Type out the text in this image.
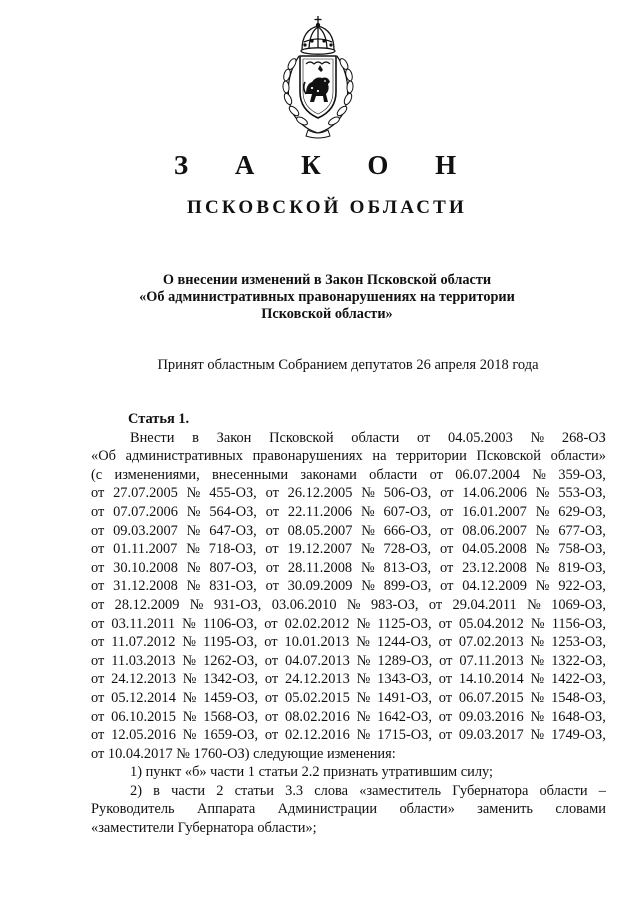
З А К О Н
ПСКОВСКОЙ ОБЛАСТИ
О внесении изменений в Закон Псковской области
«Об административных правонарушениях на территории
Псковской области»
Принят областным Собранием депутатов 26 апреля 2018 года
Статья 1.
Внести в Закон Псковской области от 04.05.2003 № 268-ОЗ
«Об административных правонарушениях на территории Псковской области»
(с изменениями, внесенными законами области от 06.07.2004 № 359-ОЗ,
от 27.07.2005 № 455-ОЗ, от 26.12.2005 № 506-ОЗ, от 14.06.2006 № 553-ОЗ,
от 07.07.2006 № 564-ОЗ, от 22.11.2006 № 607-ОЗ, от 16.01.2007 № 629-ОЗ,
от 09.03.2007 № 647-ОЗ, от 08.05.2007 № 666-ОЗ, от 08.06.2007 № 677-ОЗ,
от 01.11.2007 № 718-ОЗ, от 19.12.2007 № 728-ОЗ, от 04.05.2008 № 758-ОЗ,
от 30.10.2008 № 807-ОЗ, от 28.11.2008 № 813-ОЗ, от 23.12.2008 № 819-ОЗ,
от 31.12.2008 № 831-ОЗ, от 30.09.2009 № 899-ОЗ, от 04.12.2009 № 922-ОЗ,
от 28.12.2009 № 931-ОЗ, 03.06.2010 № 983-ОЗ, от 29.04.2011 № 1069-ОЗ,
от 03.11.2011 № 1106-ОЗ, от 02.02.2012 № 1125-ОЗ, от 05.04.2012 № 1156-ОЗ,
от 11.07.2012 № 1195-ОЗ, от 10.01.2013 № 1244-ОЗ, от 07.02.2013 № 1253-ОЗ,
от 11.03.2013 № 1262-ОЗ, от 04.07.2013 № 1289-ОЗ, от 07.11.2013 № 1322-ОЗ,
от 24.12.2013 № 1342-ОЗ, от 24.12.2013 № 1343-ОЗ, от 14.10.2014 № 1422-ОЗ,
от 05.12.2014 № 1459-ОЗ, от 05.02.2015 № 1491-ОЗ, от 06.07.2015 № 1548-ОЗ,
от 06.10.2015 № 1568-ОЗ, от 08.02.2016 № 1642-ОЗ, от 09.03.2016 № 1648-ОЗ,
от 12.05.2016 № 1659-ОЗ, от 02.12.2016 № 1715-ОЗ, от 09.03.2017 № 1749-ОЗ,
от 10.04.2017 № 1760-ОЗ) следующие изменения:
1) пункт «б» части 1 статьи 2.2 признать утратившим силу;
2) в части 2 статьи 3.3 слова «заместитель Губернатора области –
Руководитель Аппарата Администрации области» заменить словами
«заместители Губернатора области»;
